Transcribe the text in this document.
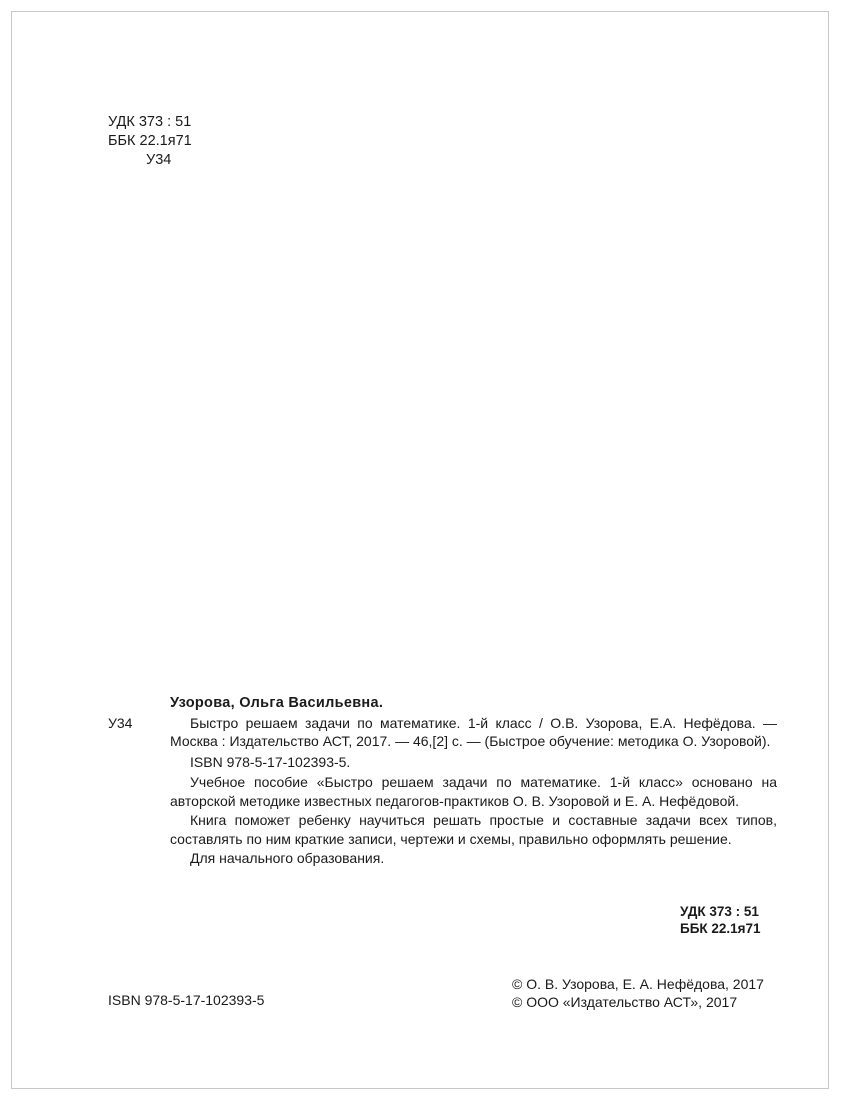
УДК 373 : 51
ББК 22.1я71
У34
Узорова, Ольга Васильевна.
У34	Быстро решаем задачи по математике. 1-й класс / О.В. Узорова, Е.А. Нефёдова. — Москва : Издательство АСТ, 2017. — 46,[2] с. — (Быстрое обучение: методика О. Узоровой).

ISBN 978-5-17-102393-5.

Учебное пособие «Быстро решаем задачи по математике. 1-й класс» основано на авторской методике известных педагогов-практиков О. В. Узоровой и Е. А. Нефёдовой.

Книга поможет ребенку научиться решать простые и составные задачи всех типов, составлять по ним краткие записи, чертежи и схемы, правильно оформлять решение.

Для начального образования.

УДК 373 : 51
ББК 22.1я71
ISBN 978-5-17-102393-5
© О. В. Узорова, Е. А. Нефёдова, 2017
© ООО «Издательство АСТ», 2017
